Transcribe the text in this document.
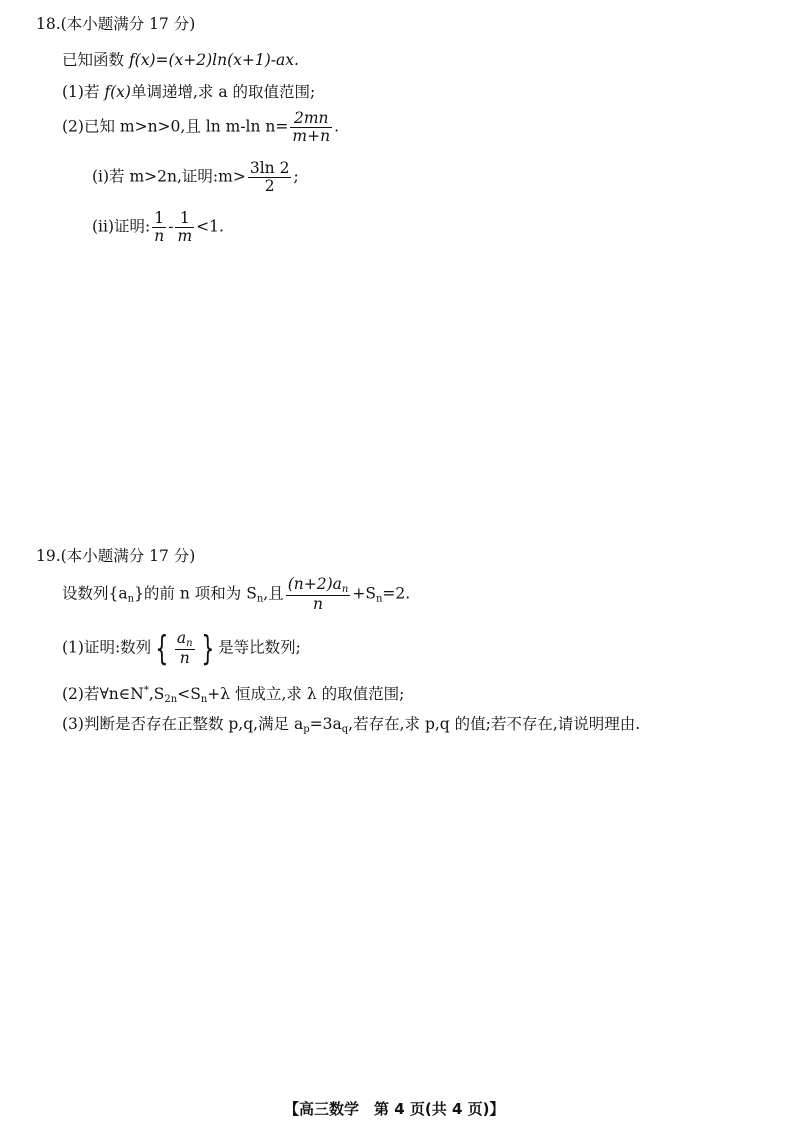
18.(本小题满分 17 分)
已知函数 f(x)=(x+2)ln(x+1)-ax.
(1)若 f(x)单调递增,求 a 的取值范围;
(2)已知 m>n>0,且 ln m-ln $n= \frac{2mn}{m+n}$ .
(i)若 m>2n,证明:m> $\frac{3\ln 2}{2}$ ;
(ii)证明: $\frac{1}{n} - \frac{1}{m} <1$.
19.(本小题满分 17 分)
设数列$\{a_n\}$的前 n 项和为 $S_n$,且 $\frac{(n+2)a_n}{n} +S_n=2$.
(1)证明:数列 { $\frac{a_n}{n}$ } 是等比数列;
(2)若$\forall n\in N^*,S_{2n}<S_n+\lambda$ 恒成立,求 λ 的取值范围;
(3)判断是否存在正整数 p,q,满足 $a_p=3a_q$,若存在,求 p,q 的值;若不存在,请说明理由.
【高三数学　第 4 页(共 4 页)】
